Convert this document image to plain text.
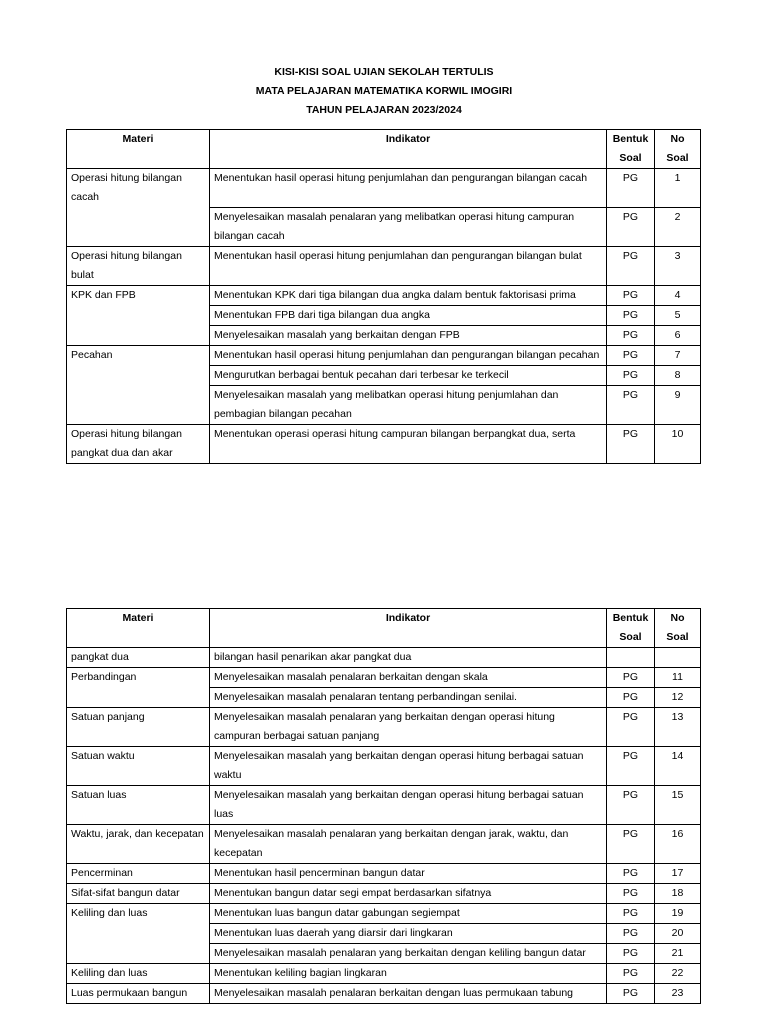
KISI-KISI SOAL UJIAN SEKOLAH TERTULIS
MATA PELAJARAN MATEMATIKA KORWIL IMOGIRI
TAHUN PELAJARAN 2023/2024
Materi	Indikator	Bentuk Soal	No Soal
Operasi hitung bilangan cacah	Menentukan hasil operasi hitung penjumlahan dan pengurangan bilangan cacah	PG	1
	Menyelesaikan masalah penalaran yang melibatkan operasi hitung campuran bilangan cacah	PG	2
Operasi hitung bilangan bulat	Menentukan hasil operasi hitung penjumlahan dan pengurangan bilangan bulat	PG	3
KPK dan FPB	Menentukan KPK dari tiga bilangan dua angka dalam bentuk faktorisasi prima	PG	4
	Menentukan FPB dari tiga bilangan dua angka	PG	5
	Menyelesaikan masalah yang berkaitan dengan FPB	PG	6
Pecahan	Menentukan hasil operasi hitung penjumlahan dan pengurangan bilangan pecahan	PG	7
	Mengurutkan berbagai bentuk pecahan dari terbesar ke terkecil	PG	8
	Menyelesaikan masalah yang melibatkan operasi hitung penjumlahan dan pembagian bilangan pecahan	PG	9
Operasi hitung bilangan pangkat dua dan akar	Menentukan operasi operasi hitung campuran bilangan berpangkat dua, serta	PG	10
Materi	Indikator	Bentuk Soal	No Soal
pangkat dua	bilangan hasil penarikan akar pangkat dua		
Perbandingan	Menyelesaikan masalah penalaran berkaitan dengan skala	PG	11
	Menyelesaikan masalah penalaran tentang perbandingan senilai.	PG	12
Satuan panjang	Menyelesaikan masalah penalaran yang berkaitan dengan operasi hitung campuran berbagai satuan panjang	PG	13
Satuan waktu	Menyelesaikan masalah yang berkaitan dengan operasi hitung berbagai satuan waktu	PG	14
Satuan luas	Menyelesaikan masalah yang berkaitan dengan operasi hitung berbagai satuan luas	PG	15
Waktu, jarak, dan kecepatan	Menyelesaikan masalah penalaran yang berkaitan dengan jarak, waktu, dan kecepatan	PG	16
Pencerminan	Menentukan hasil pencerminan bangun datar	PG	17
Sifat-sifat bangun datar	Menentukan bangun datar segi empat berdasarkan sifatnya	PG	18
Keliling dan luas	Menentukan luas bangun datar gabungan segiempat	PG	19
	Menentukan luas daerah yang diarsir dari lingkaran	PG	20
	Menyelesaikan masalah penalaran yang berkaitan dengan keliling bangun datar	PG	21
Keliling dan luas	Menentukan keliling bagian lingkaran	PG	22
Luas permukaan bangun	Menyelesaikan masalah penalaran berkaitan dengan luas permukaan tabung	PG	23
